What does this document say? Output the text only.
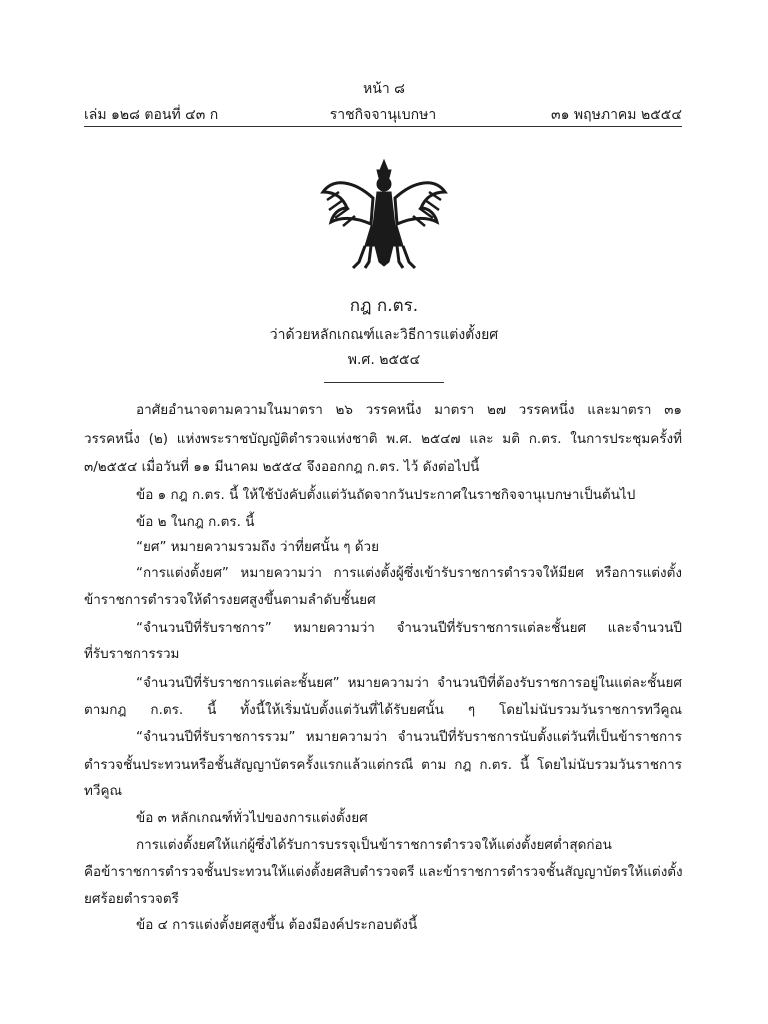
หน้า ๘
เล่ม ๑๒๘ ตอนที่ ๔๓ ก	ราชกิจจานุเบกษา	๓๑ พฤษภาคม ๒๕๕๔
กฎ ก.ตร.
ว่าด้วยหลักเกณฑ์และวิธีการแต่งตั้งยศ
พ.ศ. ๒๕๕๔
อาศัยอำนาจตามความในมาตรา ๒๖ วรรคหนึ่ง มาตรา ๒๗ วรรคหนึ่ง และมาตรา ๓๑
วรรคหนึ่ง (๒) แห่งพระราชบัญญัติตำรวจแห่งชาติ พ.ศ. ๒๕๔๗ และ มติ ก.ตร. ในการประชุมครั้งที่
๓/๒๕๕๔ เมื่อวันที่ ๑๑ มีนาคม ๒๕๕๔ จึงออกกฎ ก.ตร. ไว้ ดังต่อไปนี้
ข้อ ๑ กฎ ก.ตร. นี้ ให้ใช้บังคับตั้งแต่วันถัดจากวันประกาศในราชกิจจานุเบกษาเป็นต้นไป
ข้อ ๒ ในกฎ ก.ตร. นี้
“ยศ” หมายความรวมถึง ว่าที่ยศนั้น ๆ ด้วย
“การแต่งตั้งยศ” หมายความว่า การแต่งตั้งผู้ซึ่งเข้ารับราชการตำรวจให้มียศ หรือการแต่งตั้ง
ข้าราชการตำรวจให้ดำรงยศสูงขึ้นตามลำดับชั้นยศ
“จำนวนปีที่รับราชการ” หมายความว่า จำนวนปีที่รับราชการแต่ละชั้นยศ และจำนวนปี
ที่รับราชการรวม
“จำนวนปีที่รับราชการแต่ละชั้นยศ” หมายความว่า จำนวนปีที่ต้องรับราชการอยู่ในแต่ละชั้นยศ
ตามกฎ ก.ตร. นี้ ทั้งนี้ให้เริ่มนับตั้งแต่วันที่ได้รับยศนั้น ๆ โดยไม่นับรวมวันราชการทวีคูณ
“จำนวนปีที่รับราชการรวม” หมายความว่า จำนวนปีที่รับราชการนับตั้งแต่วันที่เป็นข้าราชการ
ตำรวจชั้นประทวนหรือชั้นสัญญาบัตรครั้งแรกแล้วแต่กรณี ตาม กฎ ก.ตร. นี้ โดยไม่นับรวมวันราชการ
ทวีคูณ
ข้อ ๓ หลักเกณฑ์ทั่วไปของการแต่งตั้งยศ
การแต่งตั้งยศให้แก่ผู้ซึ่งได้รับการบรรจุเป็นข้าราชการตำรวจให้แต่งตั้งยศต่ำสุดก่อน
คือข้าราชการตำรวจชั้นประทวนให้แต่งตั้งยศสิบตำรวจตรี และข้าราชการตำรวจชั้นสัญญาบัตรให้แต่งตั้ง
ยศร้อยตำรวจตรี
ข้อ ๔ การแต่งตั้งยศสูงขึ้น ต้องมีองค์ประกอบดังนี้
